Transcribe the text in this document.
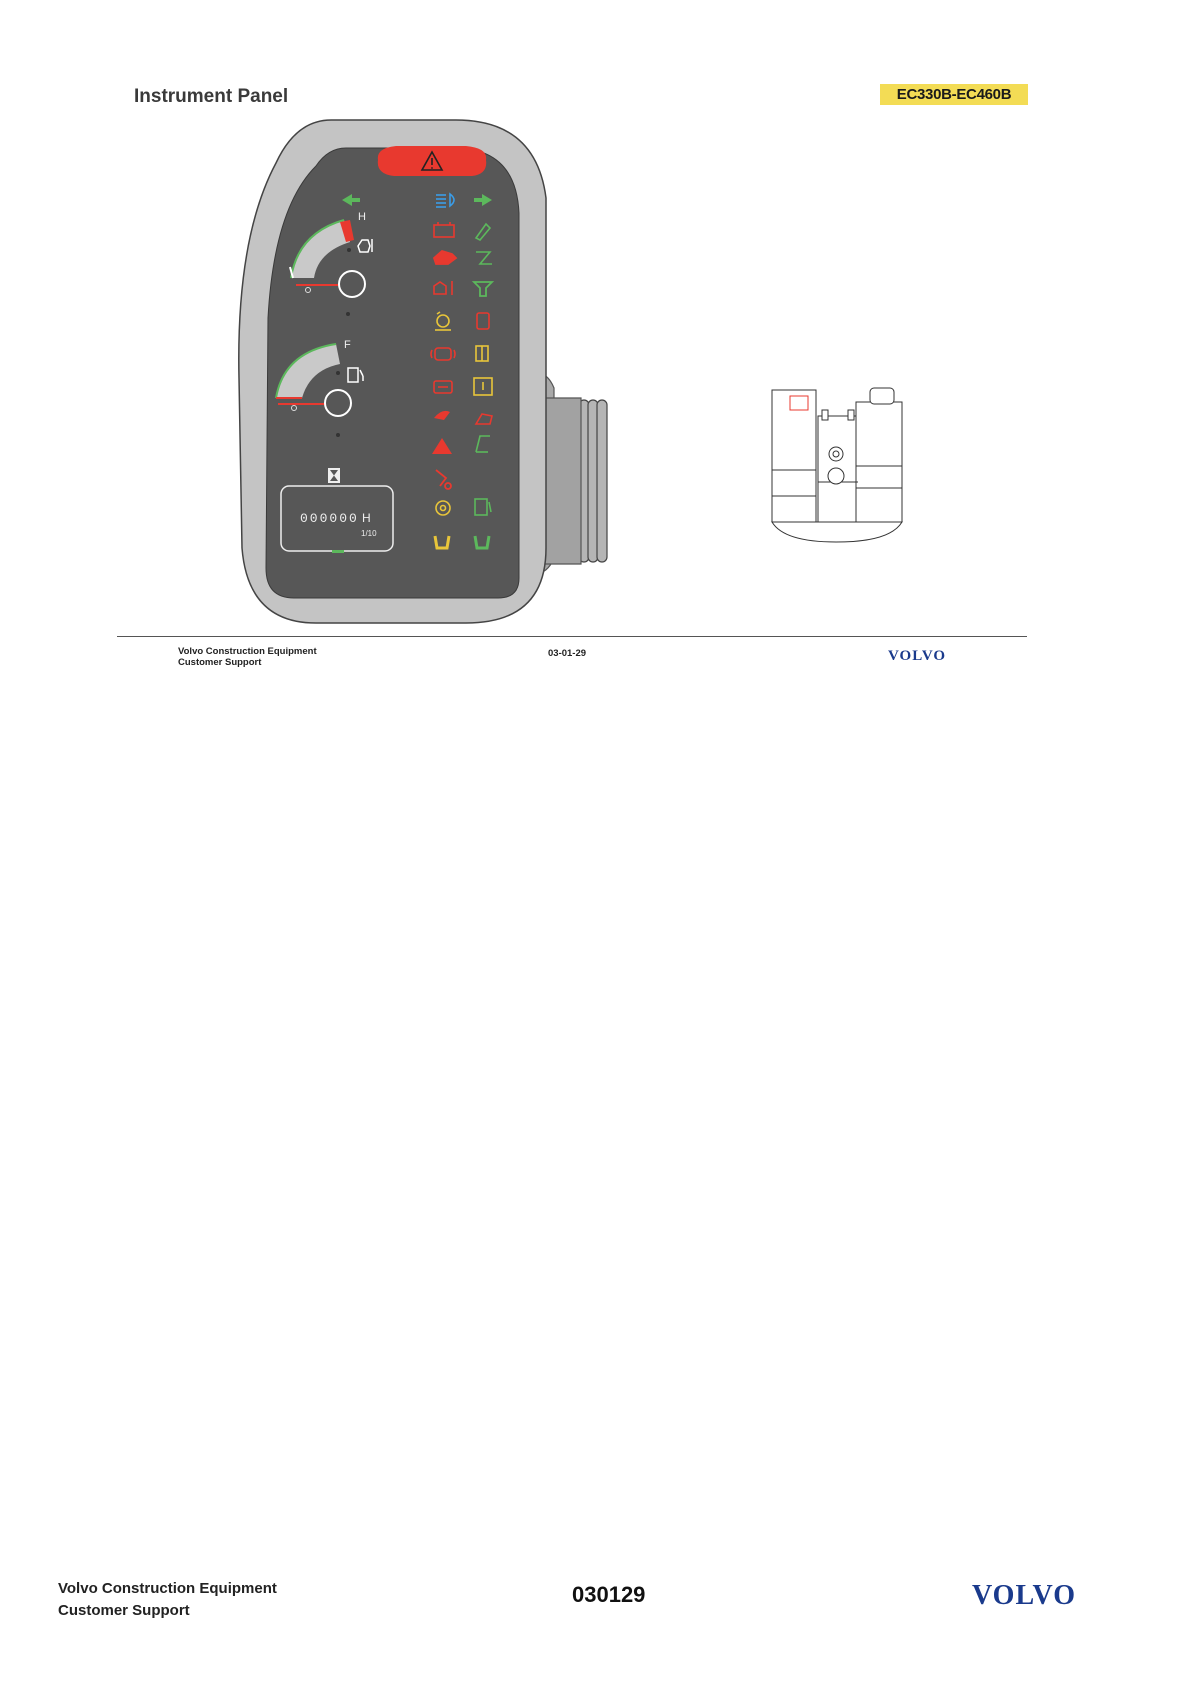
Instrument Panel	EC330B-EC460B
H
F
000000 H
1/10
Volvo Construction Equipment
Customer Support
03-01-29	VOLVO
Volvo Construction Equipment
Customer Support
030129	VOLVO
